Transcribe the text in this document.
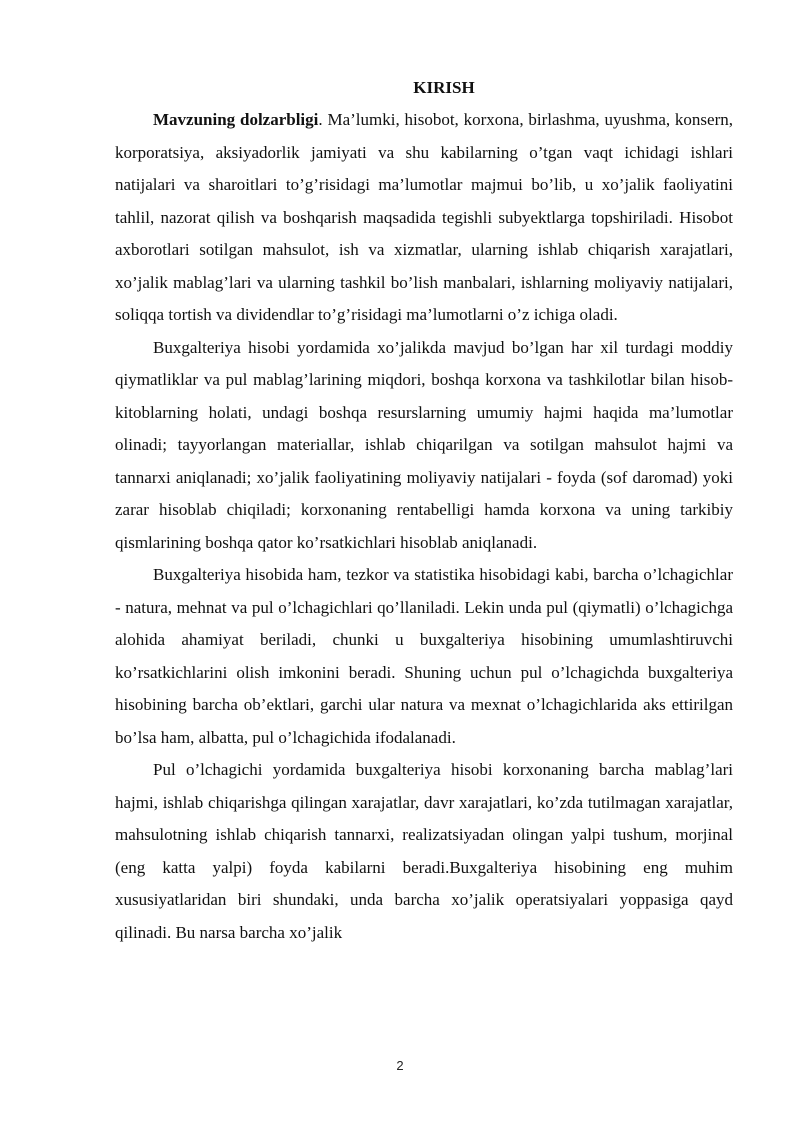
KIRISH

Mavzuning dolzarbligi. Ma’lumki, hisobot, korxona, birlashma, uyushma, konsern, korporatsiya, aksiyadorlik jamiyati va shu kabilarning o’tgan vaqt ichidagi ishlari natijalari va sharoitlari to’g’risidagi ma’lumotlar majmui bo’lib, u xo’jalik faoliyatini tahlil, nazorat qilish va boshqarish maqsadida tegishli subyektlarga topshiriladi. Hisobot axborotlari sotilgan mahsulot, ish va xizmatlar, ularning ishlab chiqarish xarajatlari, xo’jalik mablag’lari va ularning tashkil bo’lish manbalari, ishlarning moliyaviy natijalari, soliqqa tortish va dividendlar to’g’risidagi ma’lumotlarni o’z ichiga oladi.

Buxgalteriya hisobi yordamida xo’jalikda mavjud bo’lgan har xil turdagi moddiy qiymatliklar va pul mablag’larining miqdori, boshqa korxona va tashkilotlar bilan hisob-kitoblarning holati, undagi boshqa resurslarning umumiy hajmi haqida ma’lumotlar olinadi; tayyorlangan materiallar, ishlab chiqarilgan va sotilgan mahsulot hajmi va tannarxi aniqlanadi; xo’jalik faoliyatining moliyaviy natijalari - foyda (sof daromad) yoki zarar hisoblab chiqiladi; korxonaning rentabelligi hamda korxona va uning tarkibiy qismlarining boshqa qator ko’rsatkichlari hisoblab aniqlanadi.

Buxgalteriya hisobida ham, tezkor va statistika hisobidagi kabi, barcha o’lchagichlar - natura, mehnat va pul o’lchagichlari qo’llaniladi. Lekin unda pul (qiymatli) o’lchagichga alohida ahamiyat beriladi, chunki u buxgalteriya hisobining umumlashtiruvchi ko’rsatkichlarini olish imkonini beradi. Shuning uchun pul o’lchagichda buxgalteriya hisobining barcha ob’ektlari, garchi ular natura va mexnat o’lchagichlarida aks ettirilgan bo’lsa ham, albatta, pul o’lchagichida ifodalanadi.

Pul o’lchagichi yordamida buxgalteriya hisobi korxonaning barcha mablag’lari hajmi, ishlab chiqarishga qilingan xarajatlar, davr xarajatlari, ko’zda tutilmagan xarajatlar, mahsulotning ishlab chiqarish tannarxi, realizatsiyadan olingan yalpi tushum, morjinal (eng katta yalpi) foyda kabilarni beradi.Buxgalteriya hisobining eng muhim xususiyatlaridan biri shundaki, unda barcha xo’jalik operatsiyalari yoppasiga qayd qilinadi. Bu narsa barcha xo’jalik

2
